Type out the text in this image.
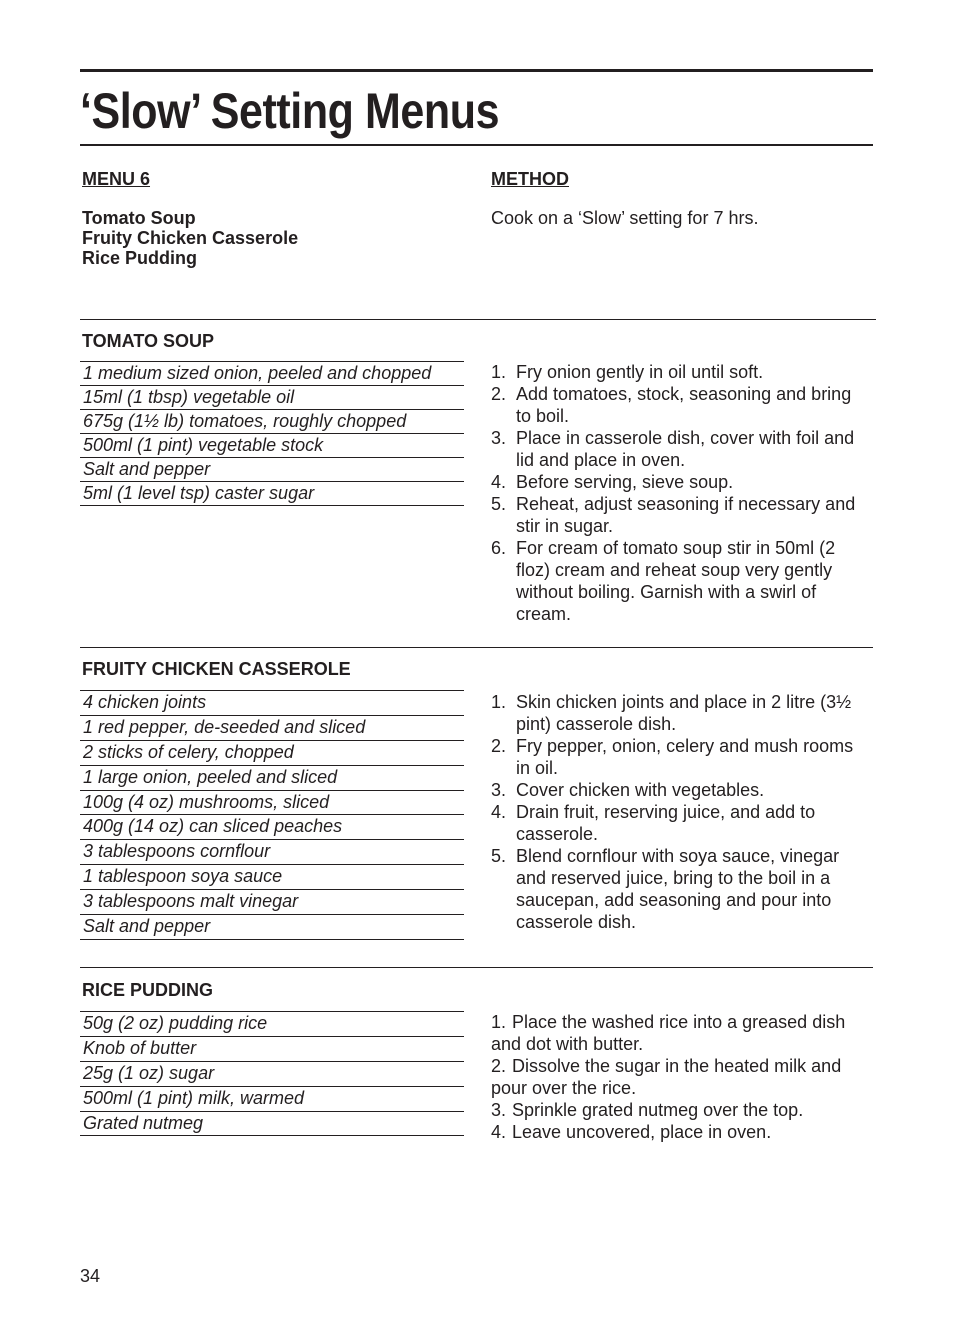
‘Slow’ Setting Menus
MENU 6	METHOD
Tomato Soup
Fruity Chicken Casserole
Rice Pudding
Cook on a ‘Slow’ setting for 7 hrs.
TOMATO SOUP
1 medium sized onion, peeled and chopped
15ml (1 tbsp) vegetable oil
675g (1½ lb) tomatoes, roughly chopped
500ml (1 pint) vegetable stock
Salt and pepper
5ml (1 level tsp) caster sugar
1. Fry onion gently in oil until soft.
2. Add tomatoes, stock, seasoning and bring to boil.
3. Place in casserole dish, cover with foil and lid and place in oven.
4. Before serving, sieve soup.
5. Reheat, adjust seasoning if necessary and stir in sugar.
6. For cream of tomato soup stir in 50ml (2 floz) cream and reheat soup very gently without boiling. Garnish with a swirl of cream.
FRUITY CHICKEN CASSEROLE
4 chicken joints
1 red pepper, de-seeded and sliced
2 sticks of celery, chopped
1 large onion, peeled and sliced
100g (4 oz) mushrooms, sliced
400g (14 oz) can sliced peaches
3 tablespoons cornflour
1 tablespoon soya sauce
3 tablespoons malt vinegar
Salt and pepper
1. Skin chicken joints and place in 2 litre (3½ pint) casserole dish.
2. Fry pepper, onion, celery and mush rooms in oil.
3. Cover chicken with vegetables.
4. Drain fruit, reserving juice, and add to casserole.
5. Blend cornflour with soya sauce, vinegar and reserved juice, bring to the boil in a saucepan, add seasoning and pour into casserole dish.
RICE PUDDING
50g (2 oz) pudding rice
Knob of butter
25g (1 oz) sugar
500ml (1 pint) milk, warmed
Grated nutmeg
1. Place the washed rice into a greased dish and dot with butter.
2. Dissolve the sugar in the heated milk and pour over the rice.
3. Sprinkle grated nutmeg over the top.
4. Leave uncovered, place in oven.
34
